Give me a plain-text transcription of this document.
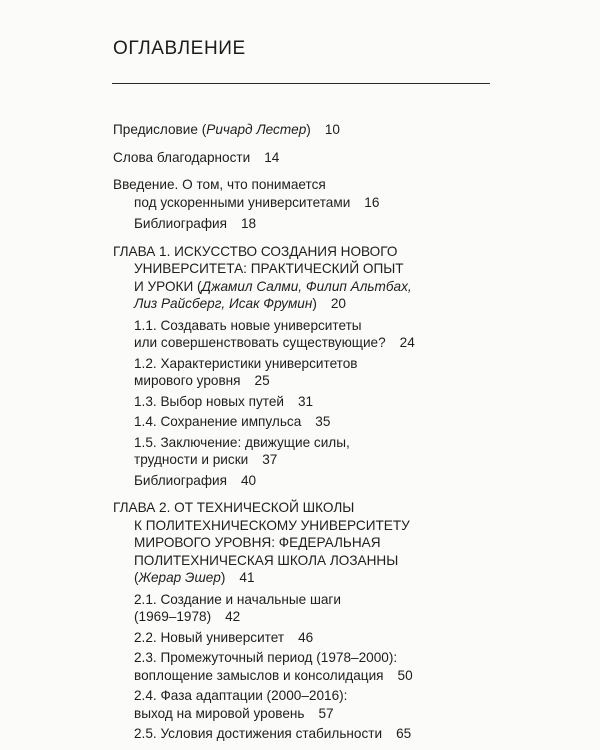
ОГЛАВЛЕНИЕ
Предисловие (Ричард Лестер) 10
Слова благодарности 14
Введение. О том, что понимается
под ускоренными университетами 16
Библиография 18
ГЛАВА 1. ИСКУССТВО СОЗДАНИЯ НОВОГО
УНИВЕРСИТЕТА: ПРАКТИЧЕСКИЙ ОПЫТ
И УРОКИ (Джамил Салми, Филип Альтбах,
Лиз Райсберг, Исак Фрумин) 20
1.1. Создавать новые университеты
или совершенствовать существующие? 24
1.2. Характеристики университетов
мирового уровня 25
1.3. Выбор новых путей 31
1.4. Сохранение импульса 35
1.5. Заключение: движущие силы,
трудности и риски 37
Библиография 40
ГЛАВА 2. ОТ ТЕХНИЧЕСКОЙ ШКОЛЫ
К ПОЛИТЕХНИЧЕСКОМУ УНИВЕРСИТЕТУ
МИРОВОГО УРОВНЯ: ФЕДЕРАЛЬНАЯ
ПОЛИТЕХНИЧЕСКАЯ ШКОЛА ЛОЗАННЫ
(Жерар Эшер) 41
2.1. Создание и начальные шаги
(1969–1978) 42
2.2. Новый университет 46
2.3. Промежуточный период (1978–2000):
воплощение замыслов и консолидация 50
2.4. Фаза адаптации (2000–2016):
выход на мировой уровень 57
2.5. Условия достижения стабильности 65
